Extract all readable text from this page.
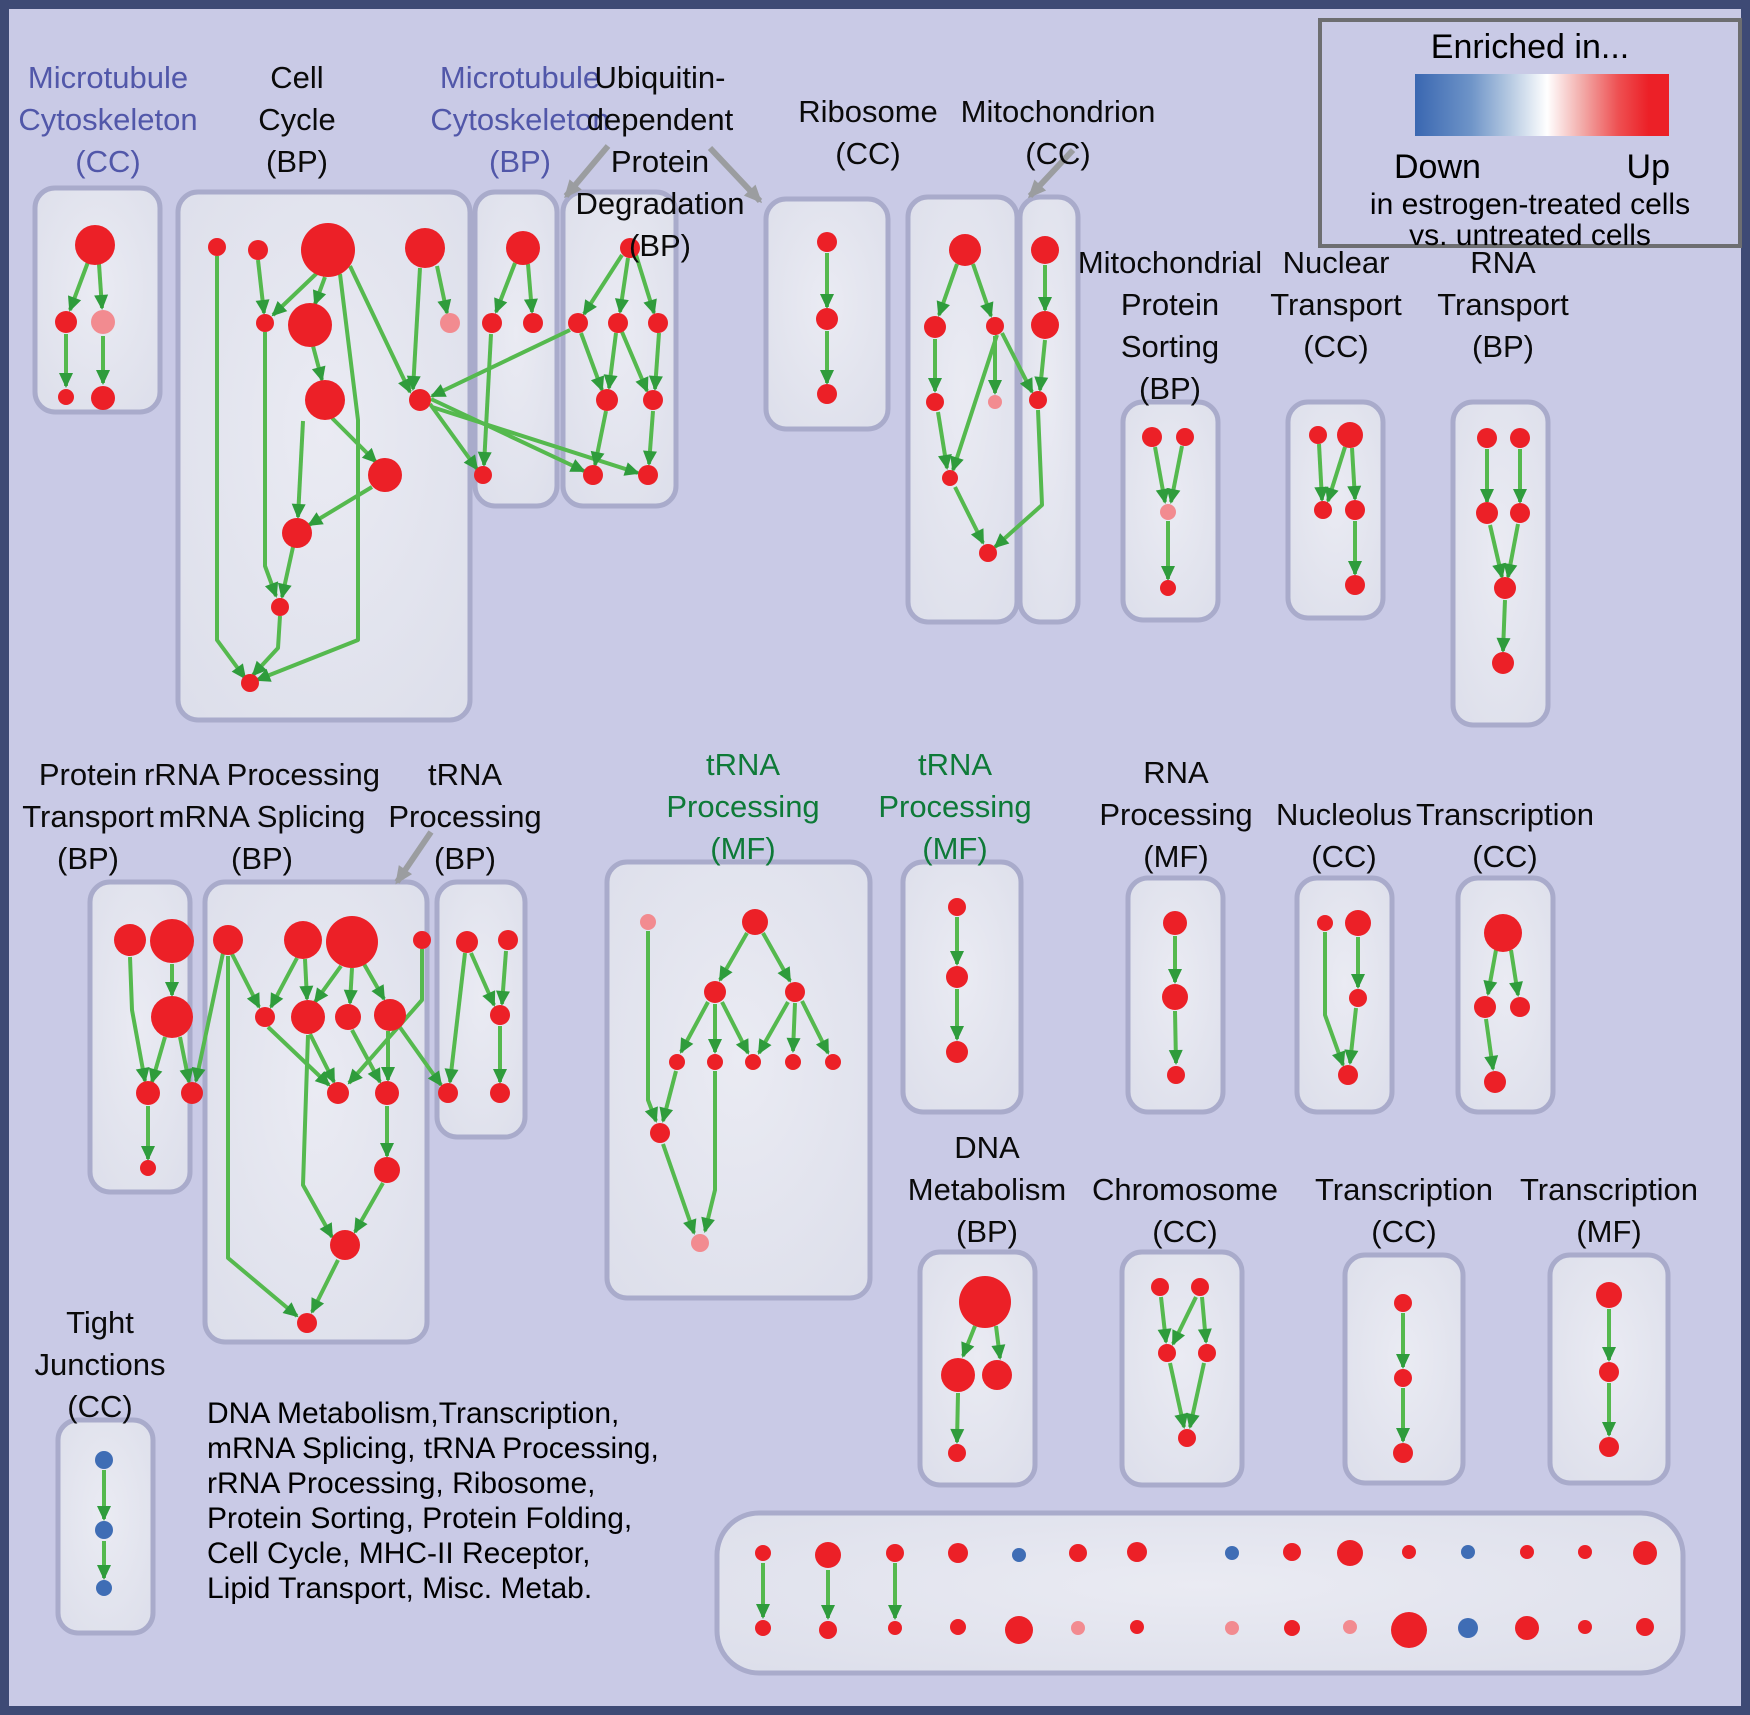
Enriched in...
Down	Up
in estrogen-treated cells
vs. untreated cells
DNA Metabolism,Transcription,
mRNA Splicing, tRNA Processing,
rRNA Processing, Ribosome,
Protein Sorting, Protein Folding,
Cell Cycle, MHC-II Receptor,
Lipid Transport, Misc. Metab.
Microtubule
Cytoskeleton
(CC)
Cell
Cycle
(BP)
Microtubule
Cytoskeleton
(BP)
Ubiquitin-
dependent
Protein
Degradation
(BP)
Ribosome
(CC)
Mitochondrion
(CC)
Mitochondrial
Protein
Sorting
(BP)
Nuclear
Transport
(CC)
RNA
Transport
(BP)
Protein
Transport
(BP)
rRNA Processing
mRNA Splicing
(BP)
tRNA
Processing
(BP)
tRNA
Processing
(MF)
tRNA
Processing
(MF)
RNA
Processing
(MF)
Nucleolus
(CC)
Transcription
(CC)
DNA
Metabolism
(BP)
Chromosome
(CC)
Transcription
(CC)
Transcription
(MF)
Tight
Junctions
(CC)
